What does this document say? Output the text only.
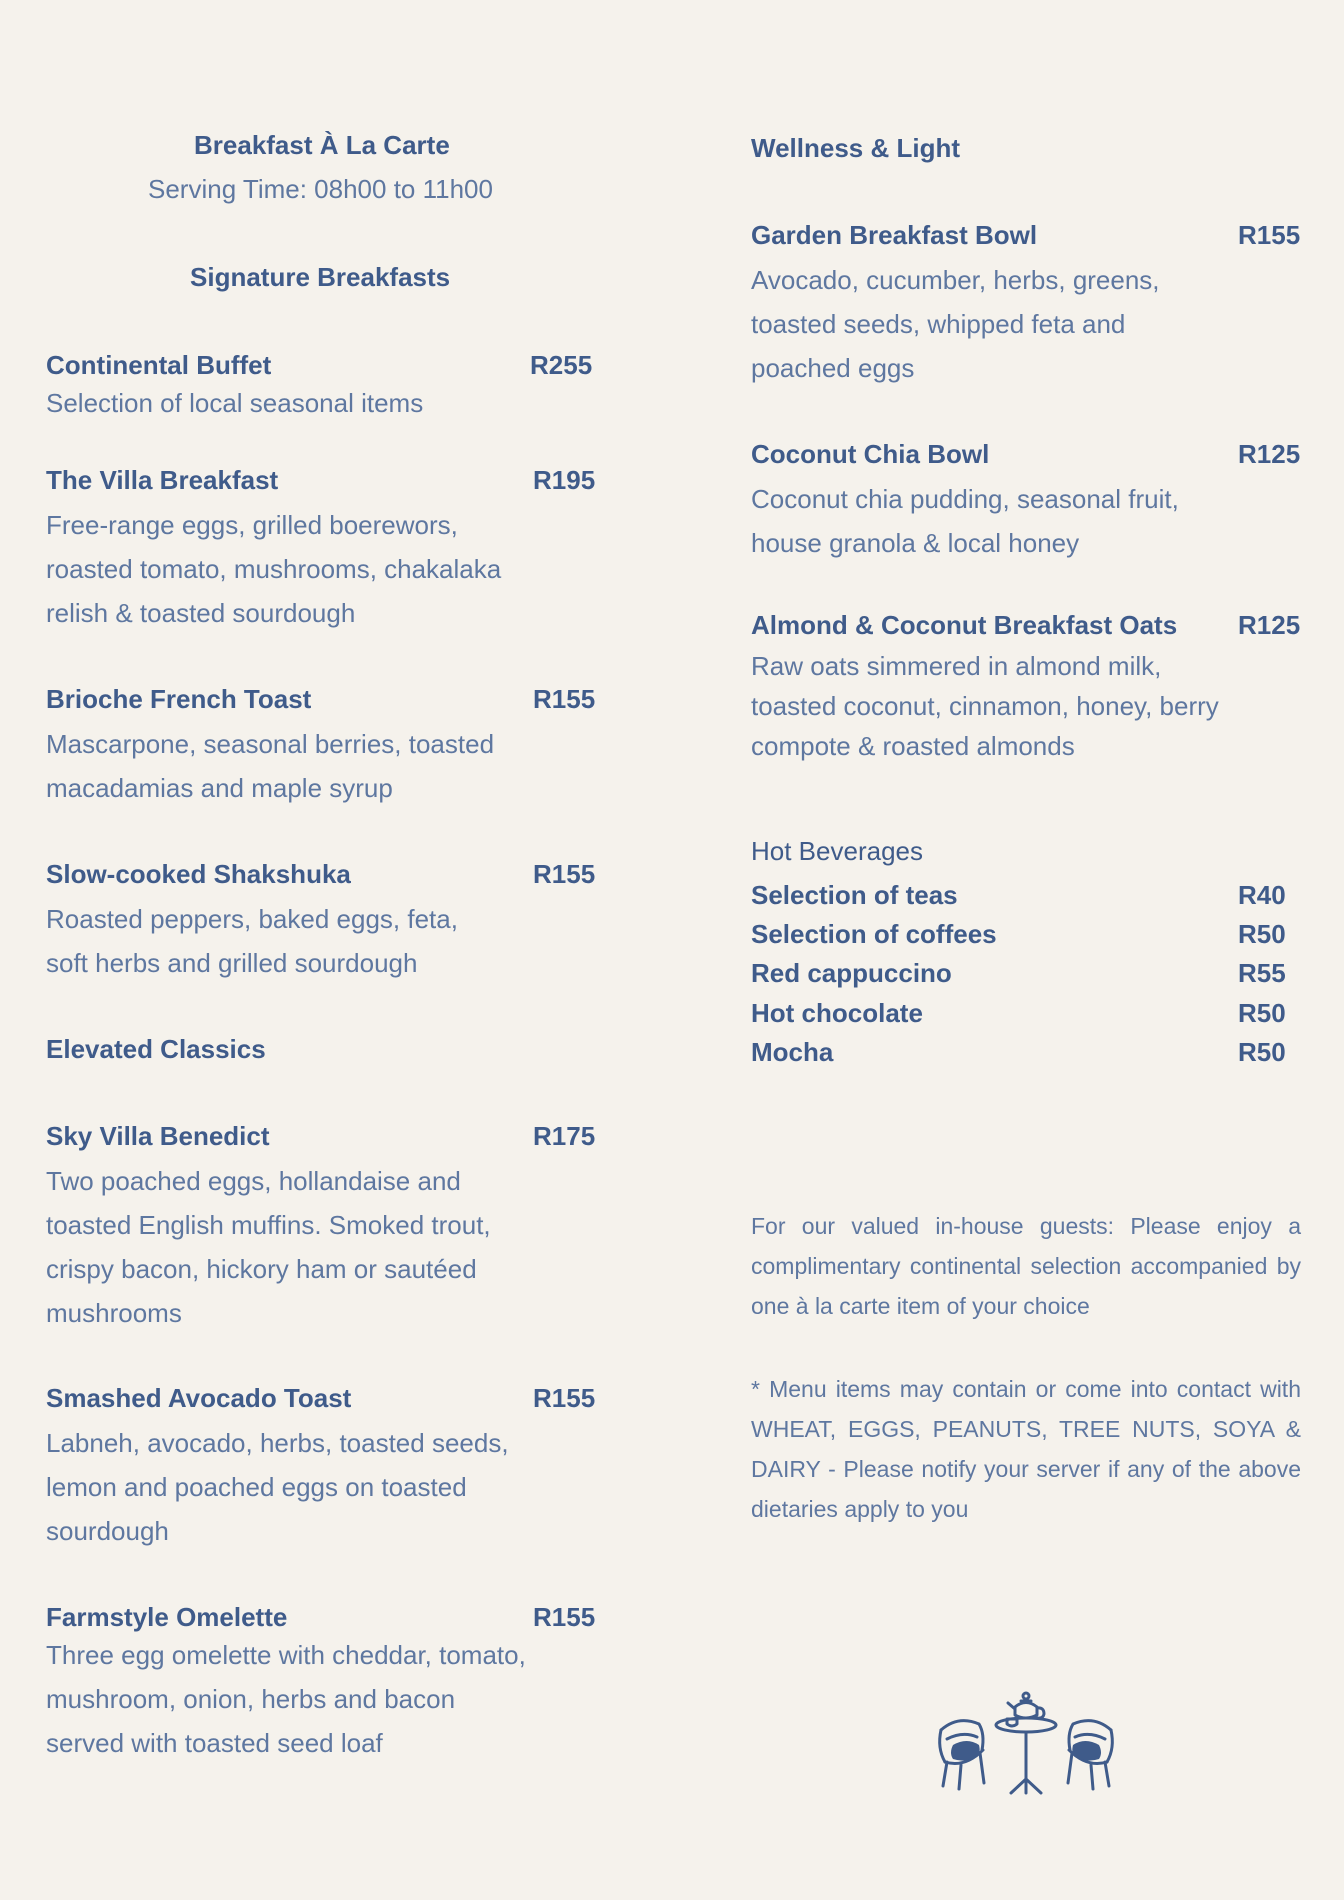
Breakfast À La Carte
Serving Time: 08h00 to 11h00
Signature Breakfasts
Continental Buffet	R255
Selection of local seasonal items
The Villa Breakfast	R195
Free-range eggs, grilled boerewors, roasted tomato, mushrooms, chakalaka relish & toasted sourdough
Brioche French Toast	R155
Mascarpone, seasonal berries, toasted macadamias and maple syrup
Slow-cooked Shakshuka	R155
Roasted peppers, baked eggs, feta, soft herbs and grilled sourdough
Elevated Classics
Sky Villa Benedict	R175
Two poached eggs, hollandaise and toasted English muffins. Smoked trout, crispy bacon, hickory ham or sautéed mushrooms
Smashed Avocado Toast	R155
Labneh, avocado, herbs, toasted seeds, lemon and poached eggs on toasted sourdough
Farmstyle Omelette	R155
Three egg omelette with cheddar, tomato, mushroom, onion, herbs and bacon served with toasted seed loaf
Wellness & Light
Garden Breakfast Bowl	R155
Avocado, cucumber, herbs, greens, toasted seeds, whipped feta and poached eggs
Coconut Chia Bowl	R125
Coconut chia pudding, seasonal fruit, house granola & local honey
Almond & Coconut Breakfast Oats R125
Raw oats simmered in almond milk, toasted coconut, cinnamon, honey, berry compote & roasted almonds
Hot Beverages
Selection of teas	R40
Selection of coffees	R50
Red cappuccino	R55
Hot chocolate	R50
Mocha	R50
For our valued in-house guests: Please enjoy a complimentary continental selection accompanied by one à la carte item of your choice
* Menu items may contain or come into contact with WHEAT, EGGS, PEANUTS, TREE NUTS, SOYA & DAIRY - Please notify your server if any of the above dietaries apply to you
